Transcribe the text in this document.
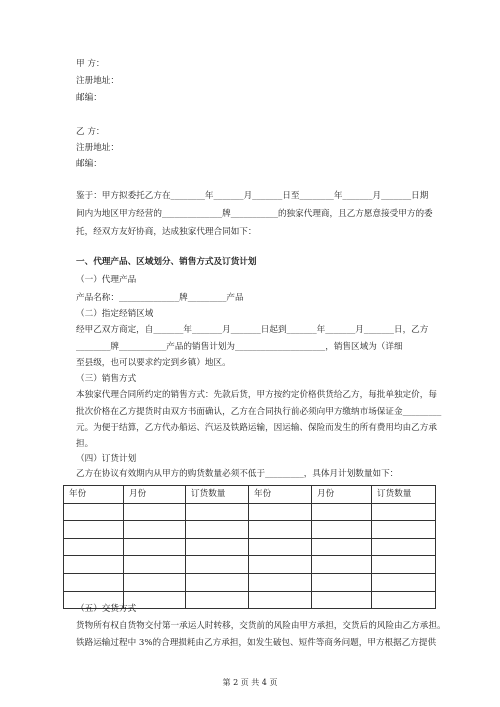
甲 方：
注册地址：
邮编：
乙 方：
注册地址：
邮编：
鉴于：甲方拟委托乙方在________年_______月_______日至________年_______月_______日期
间内为地区甲方经营的______________牌___________的独家代理商，且乙方愿意接受甲方的委
托，经双方友好协商，达成独家代理合同如下：
一、代理产品、区域划分、销售方式及订货计划
（一）代理产品
产品名称：______________牌_________产品
（二）指定经销区域
经甲乙双方商定，自_______年_______月_______日起到_______年_______月_______日，乙方
________牌___________产品的销售计划为_____________________，销售区域为（详细
至县级，也可以要求约定到乡镇）地区。
（三）销售方式
本独家代理合同所约定的销售方式：先款后货，甲方按约定价格供货给乙方，每批单独定价，每
批次价格在乙方提货时由双方书面确认，乙方在合同执行前必须向甲方缴纳市场保证金_________
元。为便于结算，乙方代办船运、汽运及铁路运输，因运输、保险而发生的所有费用均由乙方承
担。
（四）订货计划
乙方在协议有效期内从甲方的购货数量必须不低于_________，具体月计划数量如下：
年份	月份	订货数量	年份	月份	订货数量

（五）交货方式
货物所有权自货物交付第一承运人时转移，交货前的风险由甲方承担，交货后的风险由乙方承担。
铁路运输过程中 3%的合理损耗由乙方承担，如发生破包、短件等商务问题，甲方根据乙方提供
第 2 页 共 4 页
